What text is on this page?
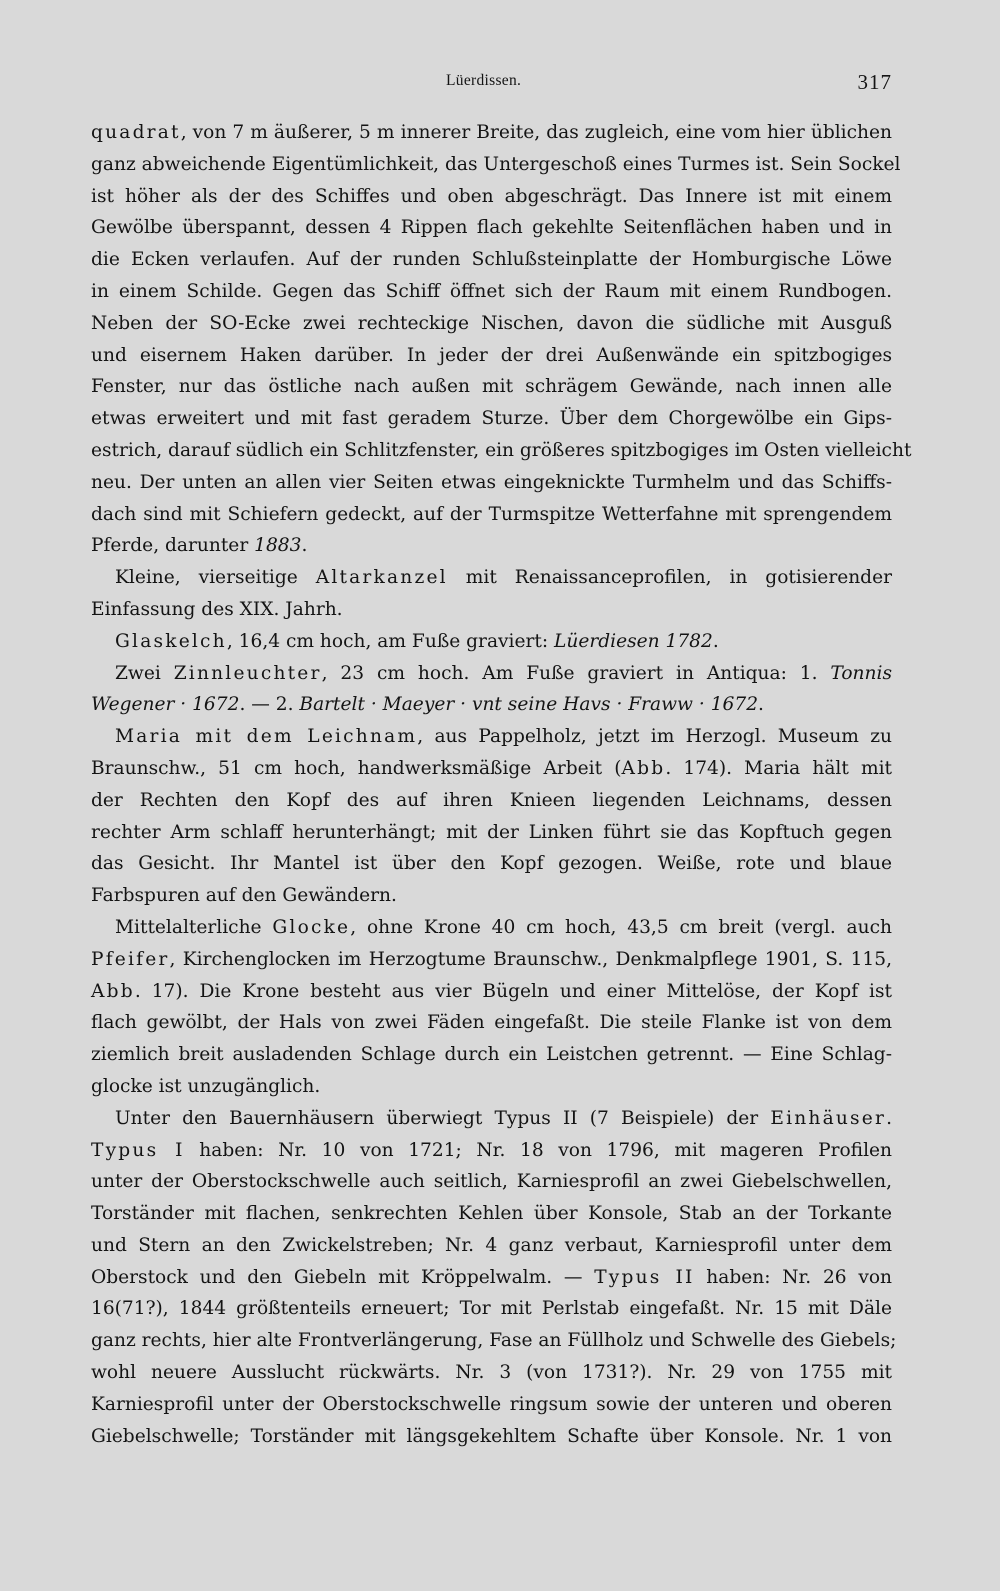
Lüerdissen.	317
quadrat, von 7 m äußerer, 5 m innerer Breite, das zugleich, eine vom hier üblichen
ganz abweichende Eigentümlichkeit, das Untergeschoß eines Turmes ist. Sein Sockel
ist höher als der des Schiffes und oben abgeschrägt. Das Innere ist mit einem
Gewölbe überspannt, dessen 4 Rippen flach gekehlte Seitenflächen haben und in
die Ecken verlaufen. Auf der runden Schlußsteinplatte der Homburgische Löwe
in einem Schilde. Gegen das Schiff öffnet sich der Raum mit einem Rundbogen.
Neben der SO-Ecke zwei rechteckige Nischen, davon die südliche mit Ausguß
und eisernem Haken darüber. In jeder der drei Außenwände ein spitzbogiges
Fenster, nur das östliche nach außen mit schrägem Gewände, nach innen alle
etwas erweitert und mit fast geradem Sturze. Über dem Chorgewölbe ein Gips-
estrich, darauf südlich ein Schlitzfenster, ein größeres spitzbogiges im Osten vielleicht
neu. Der unten an allen vier Seiten etwas eingeknickte Turmhelm und das Schiffs-
dach sind mit Schiefern gedeckt, auf der Turmspitze Wetterfahne mit sprengendem
Pferde, darunter 1883.
Kleine, vierseitige Altarkanzel mit Renaissanceprofilen, in gotisierender
Einfassung des XIX. Jahrh.
Glaskelch, 16,4 cm hoch, am Fuße graviert: Lüerdiesen 1782.
Zwei Zinnleuchter, 23 cm hoch. Am Fuße graviert in Antiqua: 1. Tonnis
Wegener · 1672. — 2. Bartelt · Maeyer · vnt seine Havs · Fraww · 1672.
Maria mit dem Leichnam, aus Pappelholz, jetzt im Herzogl. Museum zu
Braunschw., 51 cm hoch, handwerksmäßige Arbeit (Abb. 174). Maria hält mit
der Rechten den Kopf des auf ihren Knieen liegenden Leichnams, dessen
rechter Arm schlaff herunterhängt; mit der Linken führt sie das Kopftuch gegen
das Gesicht. Ihr Mantel ist über den Kopf gezogen. Weiße, rote und blaue
Farbspuren auf den Gewändern.
Mittelalterliche Glocke, ohne Krone 40 cm hoch, 43,5 cm breit (vergl. auch
Pfeifer, Kirchenglocken im Herzogtume Braunschw., Denkmalpflege 1901, S. 115,
Abb. 17). Die Krone besteht aus vier Bügeln und einer Mittelöse, der Kopf ist
flach gewölbt, der Hals von zwei Fäden eingefaßt. Die steile Flanke ist von dem
ziemlich breit ausladenden Schlage durch ein Leistchen getrennt. — Eine Schlag-
glocke ist unzugänglich.
Unter den Bauernhäusern überwiegt Typus II (7 Beispiele) der Einhäuser.
Typus I haben: Nr. 10 von 1721; Nr. 18 von 1796, mit mageren Profilen
unter der Oberstockschwelle auch seitlich, Karniesprofil an zwei Giebelschwellen,
Torständer mit flachen, senkrechten Kehlen über Konsole, Stab an der Torkante
und Stern an den Zwickelstreben; Nr. 4 ganz verbaut, Karniesprofil unter dem
Oberstock und den Giebeln mit Kröppelwalm. — Typus II haben: Nr. 26 von
16(71?), 1844 größtenteils erneuert; Tor mit Perlstab eingefaßt. Nr. 15 mit Däle
ganz rechts, hier alte Frontverlängerung, Fase an Füllholz und Schwelle des Giebels;
wohl neuere Ausslucht rückwärts. Nr. 3 (von 1731?). Nr. 29 von 1755 mit
Karniesprofil unter der Oberstockschwelle ringsum sowie der unteren und oberen
Giebelschwelle; Torständer mit längsgekehltem Schafte über Konsole. Nr. 1 von
